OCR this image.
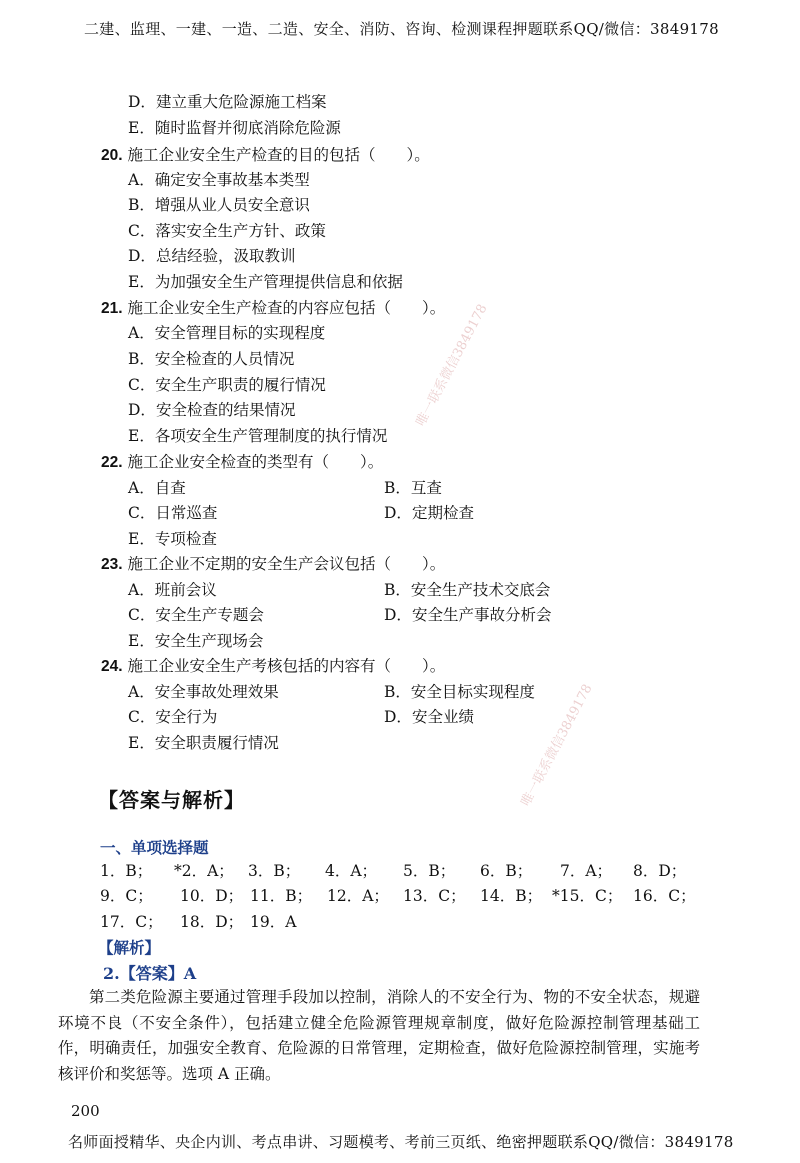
二建、监理、一建、一造、二造、安全、消防、咨询、检测课程押题联系QQ/微信：3849178
唯一联系微信3849178
唯一联系微信3849178
D．建立重大危险源施工档案
E．随时监督并彻底消除危险源
20. 施工企业安全生产检查的目的包括（　　）。
A．确定安全事故基本类型
B．增强从业人员安全意识
C．落实安全生产方针、政策
D．总结经验，汲取教训
E．为加强安全生产管理提供信息和依据
21. 施工企业安全生产检查的内容应包括（　　）。
A．安全管理目标的实现程度
B．安全检查的人员情况
C．安全生产职责的履行情况
D．安全检查的结果情况
E．各项安全生产管理制度的执行情况
22. 施工企业安全检查的类型有（　　）。
A．自查	B．互查
C．日常巡查	D．定期检查
E．专项检查
23. 施工企业不定期的安全生产会议包括（　　）。
A．班前会议	B．安全生产技术交底会
C．安全生产专题会	D．安全生产事故分析会
E．安全生产现场会
24. 施工企业安全生产考核包括的内容有（　　）。
A．安全事故处理效果	B．安全目标实现程度
C．安全行为	D．安全业绩
E．安全职责履行情况
【答案与解析】
一、单项选择题
1．B； *2．A； 3．B； 4．A； 5．B； 6．B； 7．A； 8．D；
9．C； 10．D； 11．B； 12．A； 13．C； 14．B； *15．C； 16．C；
17．C； 18．D； 19．A
【解析】
2.【答案】A
第二类危险源主要通过管理手段加以控制，消除人的不安全行为、物的不安全状态，规避环境不良（不安全条件），包括建立健全危险源管理规章制度，做好危险源控制管理基础工作，明确责任，加强安全教育、危险源的日常管理，定期检查，做好危险源控制管理，实施考核评价和奖惩等。选项 A 正确。
200
名师面授精华、央企内训、考点串讲、习题模考、考前三页纸、绝密押题联系QQ/微信：3849178
